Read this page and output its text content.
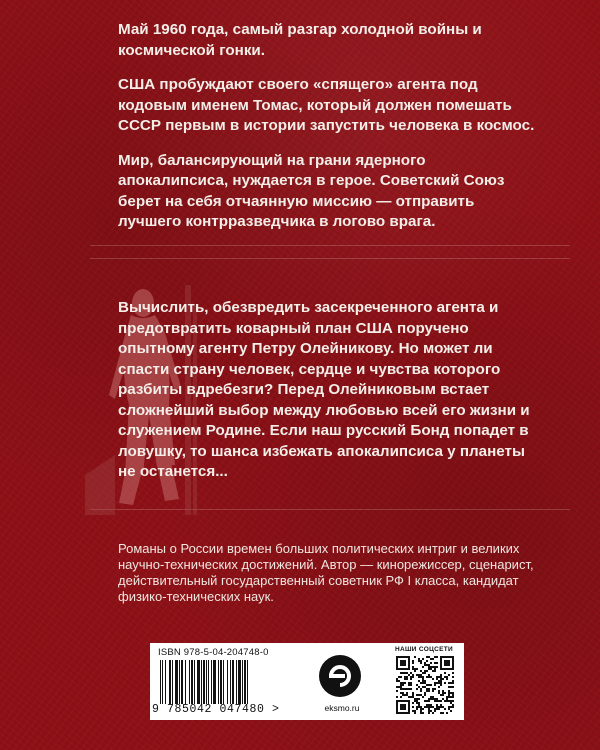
Май 1960 года, самый разгар холодной войны и космической гонки.

США пробуждают своего «спящего» агента под кодовым именем Томас, который должен помешать СССР первым в истории запустить человека в космос.

Мир, балансирующий на грани ядерного апокалипсиса, нуждается в герое. Советский Союз берет на себя отчаянную миссию — отправить лучшего контрразведчика в логово врага.

Вычислить, обезвредить засекреченного агента и предотвратить коварный план США поручено опытному агенту Петру Олейникову. Но может ли спасти страну человек, сердце и чувства которого разбиты вдребезги? Перед Олейниковым встает сложнейший выбор между любовью всей его жизни и служением Родине. Если наш русский Бонд попадет в ловушку, то шанса избежать апокалипсиса у планеты не останется...

Романы о России времен больших политических интриг и великих научно-технических достижений. Автор — кинорежиссер, сценарист, действительный государственный советник РФ I класса, кандидат физико-технических наук.
ISBN 978-5-04-204748-0
9 785042 047480 >	eksmo.ru
НАШИ СОЦСЕТИ
